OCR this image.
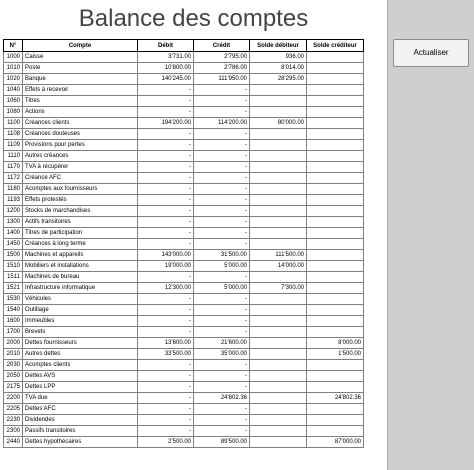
Balance des comptes
N°	Compte	Débit	Crédit	Solde débiteur	Solde créditeur
1000	Caisse	3'731.00	2'795.00	936.00	
1010	Poste	10'800.00	2'786.00	8'014.00	
1020	Banque	140'245.00	111'950.00	28'295.00	
1040	Effets à recevoir	-	-		
1060	Titres	-	-		
1080	Actions	-	-		
1100	Créances clients	194'200.00	114'200.00	80'000.00	
1108	Créances douteuses	-	-		
1109	Provisions pour pertes	-	-		
1110	Autres créances	-	-		
1170	TVA à récupérer	-	-		
1172	Créance AFC	-	-		
1180	Acomptes aux fournisseurs	-	-		
1193	Effets protestés	-	-		
1200	Stocks de marchandises	-	-		
1300	Actifs transitoires	-	-		
1400	Titres de participation	-	-		
1450	Créances à long terme	-	-		
1500	Machines et appareils	143'000.00	31'500.00	111'500.00	
1510	Mobiliers et installations	19'000.00	5'000.00	14'000.00	
1511	Machines de bureau	-	-		
1521	Infrastructure informatique	12'300.00	5'000.00	7'300.00	
1530	Véhicules	-	-		
1540	Outillage	-	-		
1600	Immeubles	-	-		
1700	Brevets	-	-		
2000	Dettes fournisseurs	13'600.00	21'600.00		8'000.00
2010	Autres dettes	33'500.00	35'000.00		1'500.00
2030	Acomptes clients	-	-		
2050	Dettes AVS	-	-		
2175	Dettes LPP	-	-		
2200	TVA due	-	24'802.36		24'802.36
2205	Dettes AFC	-	-		
2230	Dividendes	-	-		
2300	Passifs transitoires	-	-		
2440	Dettes hypothécaires	2'500.00	89'500.00		87'000.00
Actualiser
